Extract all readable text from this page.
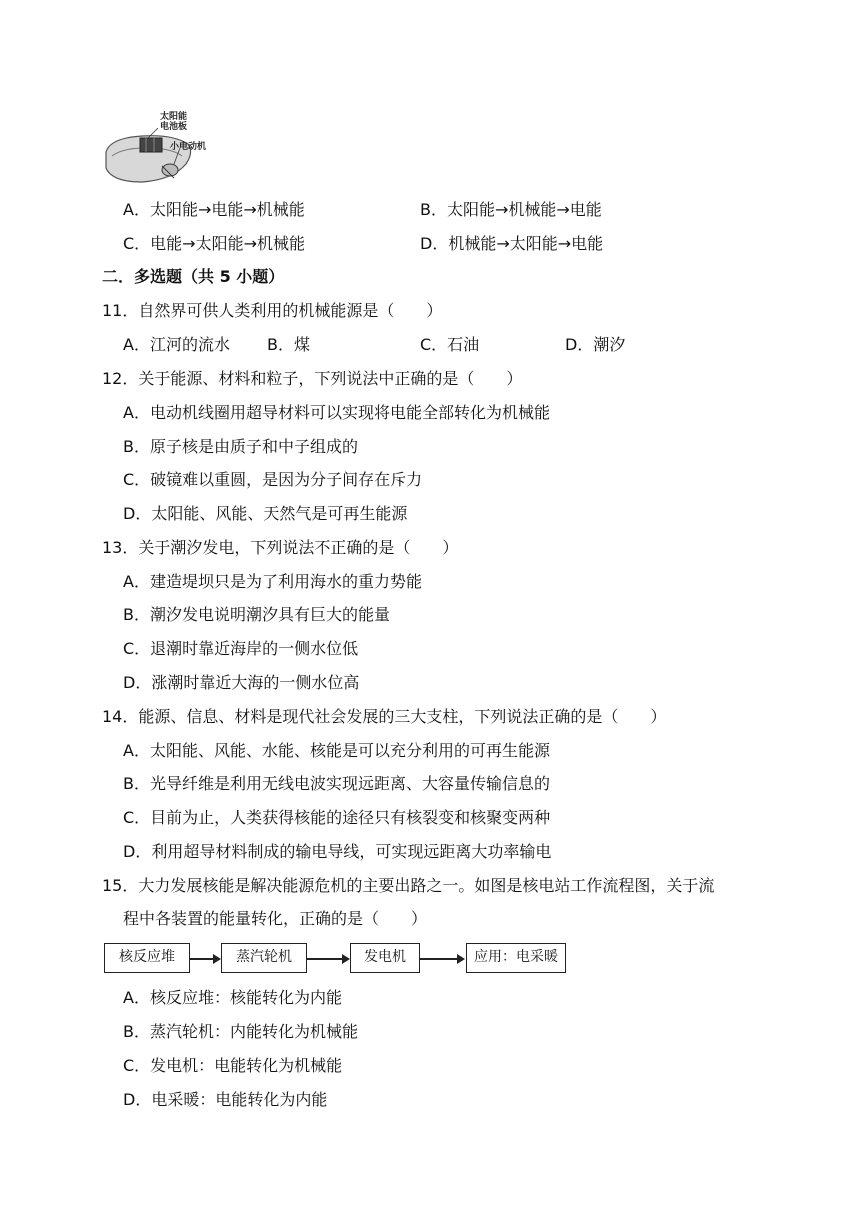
太阳能
电池板
小电动机
A．太阳能→电能→机械能	B．太阳能→机械能→电能
C．电能→太阳能→机械能	D．机械能→太阳能→电能
二．多选题（共 5 小题）
11．自然界可供人类利用的机械能源是（　　）
A．江河的流水 B．煤	C．石油	D．潮汐
12．关于能源、材料和粒子，下列说法中正确的是（　　）
A．电动机线圈用超导材料可以实现将电能全部转化为机械能
B．原子核是由质子和中子组成的
C．破镜难以重圆，是因为分子间存在斥力
D．太阳能、风能、天然气是可再生能源
13．关于潮汐发电，下列说法不正确的是（　　）
A．建造堤坝只是为了利用海水的重力势能
B．潮汐发电说明潮汐具有巨大的能量
C．退潮时靠近海岸的一侧水位低
D．涨潮时靠近大海的一侧水位高
14．能源、信息、材料是现代社会发展的三大支柱，下列说法正确的是（　　）
A．太阳能、风能、水能、核能是可以充分利用的可再生能源
B．光导纤维是利用无线电波实现远距离、大容量传输信息的
C．目前为止，人类获得核能的途径只有核裂变和核聚变两种
D．利用超导材料制成的输电导线，可实现远距离大功率输电
15．大力发展核能是解决能源危机的主要出路之一。如图是核电站工作流程图，关于流
程中各装置的能量转化，正确的是（　　）
核反应堆	蒸汽轮机	发电机	应用：电采暖
A．核反应堆：核能转化为内能
B．蒸汽轮机：内能转化为机械能
C．发电机：电能转化为机械能
D．电采暖：电能转化为内能
